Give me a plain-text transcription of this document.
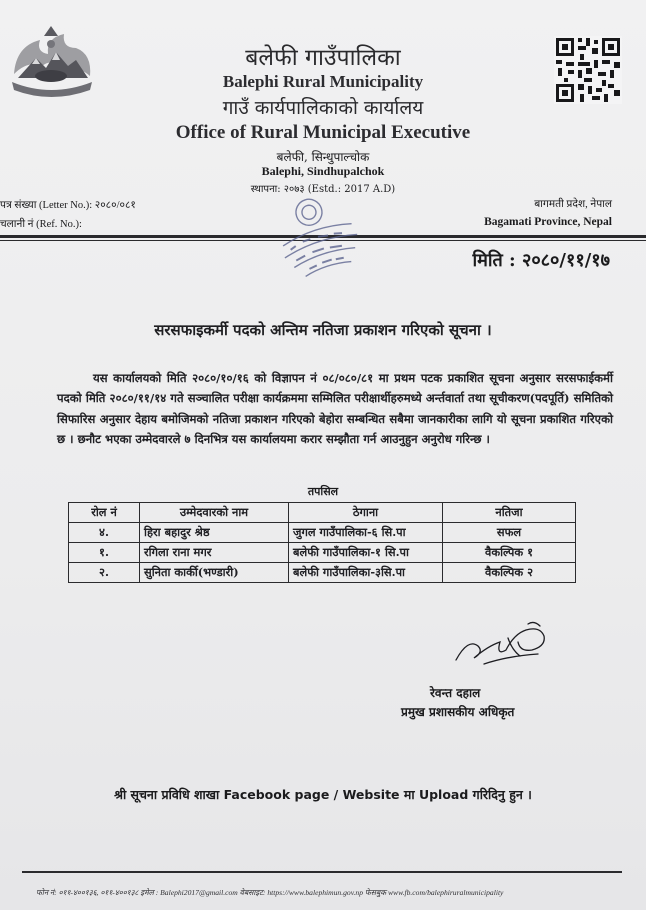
बलेफी गाउँपालिका
Balephi Rural Municipality
गाउँ कार्यपालिकाको कार्यालय
Office of Rural Municipal Executive
बलेफी, सिन्धुपाल्चोक
Balephi, Sindhupalchok
स्थापना: २०७३ (Estd.: 2017 A.D)
पत्र संख्या (Letter No.): २०८०/०८१
चलानी नं (Ref. No.):
बागमती प्रदेश, नेपाल
Bagamati Province, Nepal
मिति : २०८०/११/१७
सरसफाइकर्मी पदको अन्तिम नतिजा प्रकाशन गरिएको सूचना ।
यस कार्यालयको मिति २०८०/१०/१६ को विज्ञापन नं ०८/०८०/८१ मा प्रथम पटक प्रकाशित सूचना अनुसार सरसफाईकर्मी पदको मिति २०८०/११/१४ गते सञ्चालित परीक्षा कार्यक्रममा सम्मिलित परीक्षार्थीहरुमध्ये अर्न्तवार्ता तथा सूचीकरण(पदपूर्ति) समितिको सिफारिस अनुसार देहाय बमोजिमको नतिजा प्रकाशन गरिएको बेहोरा सम्बन्धित सबैमा जानकारीका लागि यो सूचना प्रकाशित गरिएको छ । छनौट भएका उम्मेदवारले ७ दिनभित्र यस कार्यालयमा करार सम्झौता गर्न आउनुहुन अनुरोध गरिन्छ ।
तपसिल
रोल नं	उम्मेदवारको नाम	ठेगाना	नतिजा
४.	हिरा बहादुर श्रेष्ठ	जुगल गाउँपालिका-६ सि.पा	सफल
१.	रगिला राना मगर	बलेफी गाउँपालिका-१ सि.पा	वैकल्पिक १
२.	सुनिता कार्की(भण्डारी)	बलेफी गाउँपालिका-३सि.पा	वैकल्पिक २
रेवन्त दहाल
प्रमुख प्रशासकीय अधिकृत
श्री सूचना प्रविधि शाखा Facebook page / Website मा Upload गरिदिनु हुन ।
फोन नं: ०११-४००१३६, ०११-४००१३८ इमेल : Balephi2017@gmail.com वेबसाइट: https://www.balephimun.gov.np फेसबुक www.fb.com/balephiruralmunicipality
